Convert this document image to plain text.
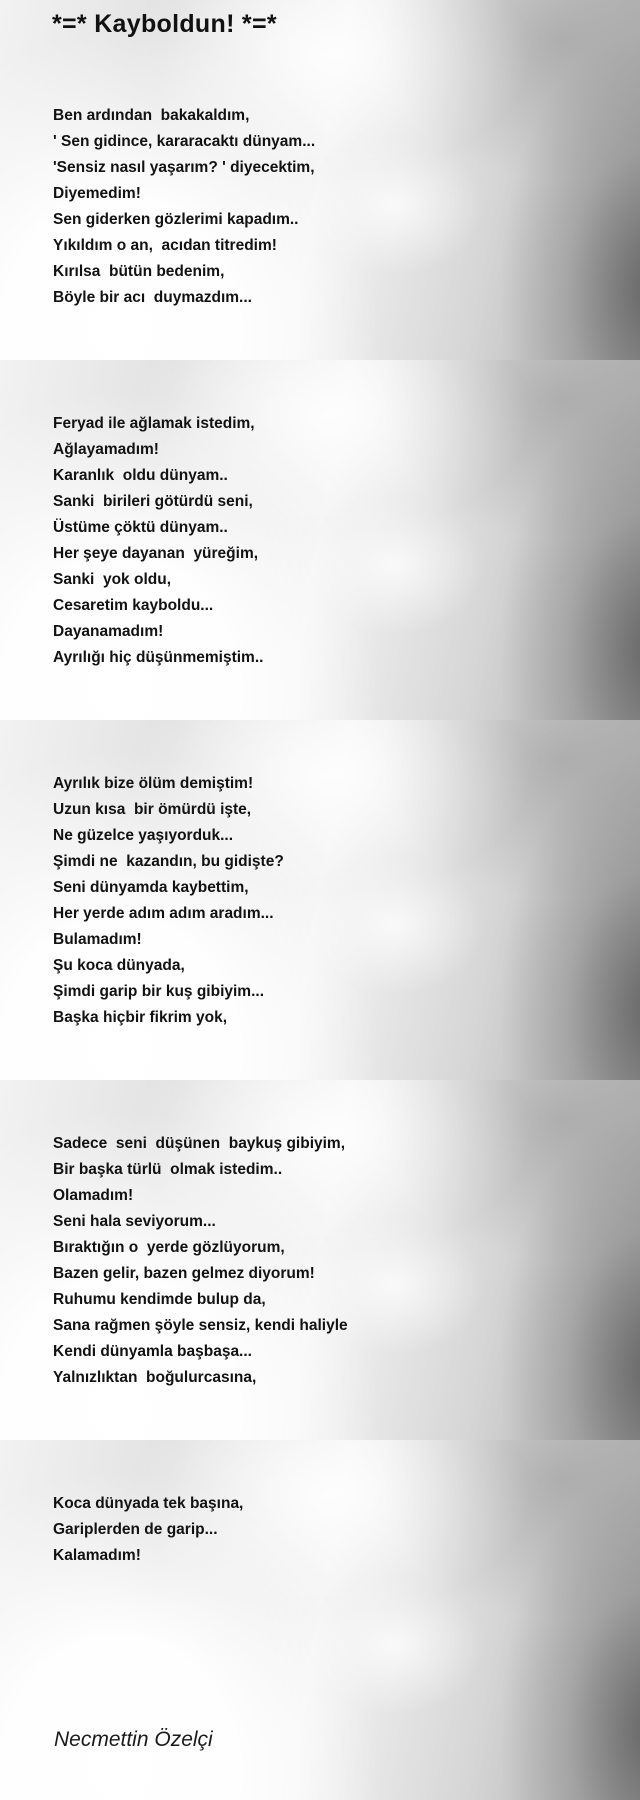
*=* Kayboldun! *=*
Ben ardından  bakakaldım,
' Sen gidince, kararacaktı dünyam...
'Sensiz nasıl yaşarım? ' diyecektim,
Diyemedim!
Sen giderken gözlerimi kapadım..
Yıkıldım o an,  acıdan titredim!
Kırılsa  bütün bedenim,
Böyle bir acı  duymazdım...
Feryad ile ağlamak istedim,
Ağlayamadım!
Karanlık  oldu dünyam..
Sanki  birileri götürdü seni,
Üstüme çöktü dünyam..
Her şeye dayanan  yüreğim,
Sanki  yok oldu,
Cesaretim kayboldu...
Dayanamadım!
Ayrılığı hiç düşünmemiştim..
Ayrılık bize ölüm demiştim!
Uzun kısa  bir ömürdü işte,
Ne güzelce yaşıyorduk...
Şimdi ne  kazandın, bu gidişte?
Seni dünyamda kaybettim,
Her yerde adım adım aradım...
Bulamadım!
Şu koca dünyada,
Şimdi garip bir kuş gibiyim...
Başka hiçbir fikrim yok,
Sadece  seni  düşünen  baykuş gibiyim,
Bir başka türlü  olmak istedim..
Olamadım!
Seni hala seviyorum...
Bıraktığın o  yerde gözlüyorum,
Bazen gelir, bazen gelmez diyorum!
Ruhumu kendimde bulup da,
Sana rağmen şöyle sensiz, kendi haliyle
Kendi dünyamla başbaşa...
Yalnızlıktan  boğulurcasına,
Koca dünyada tek başına,
Gariplerden de garip...
Kalamadım!

Necmettin Özelçi
